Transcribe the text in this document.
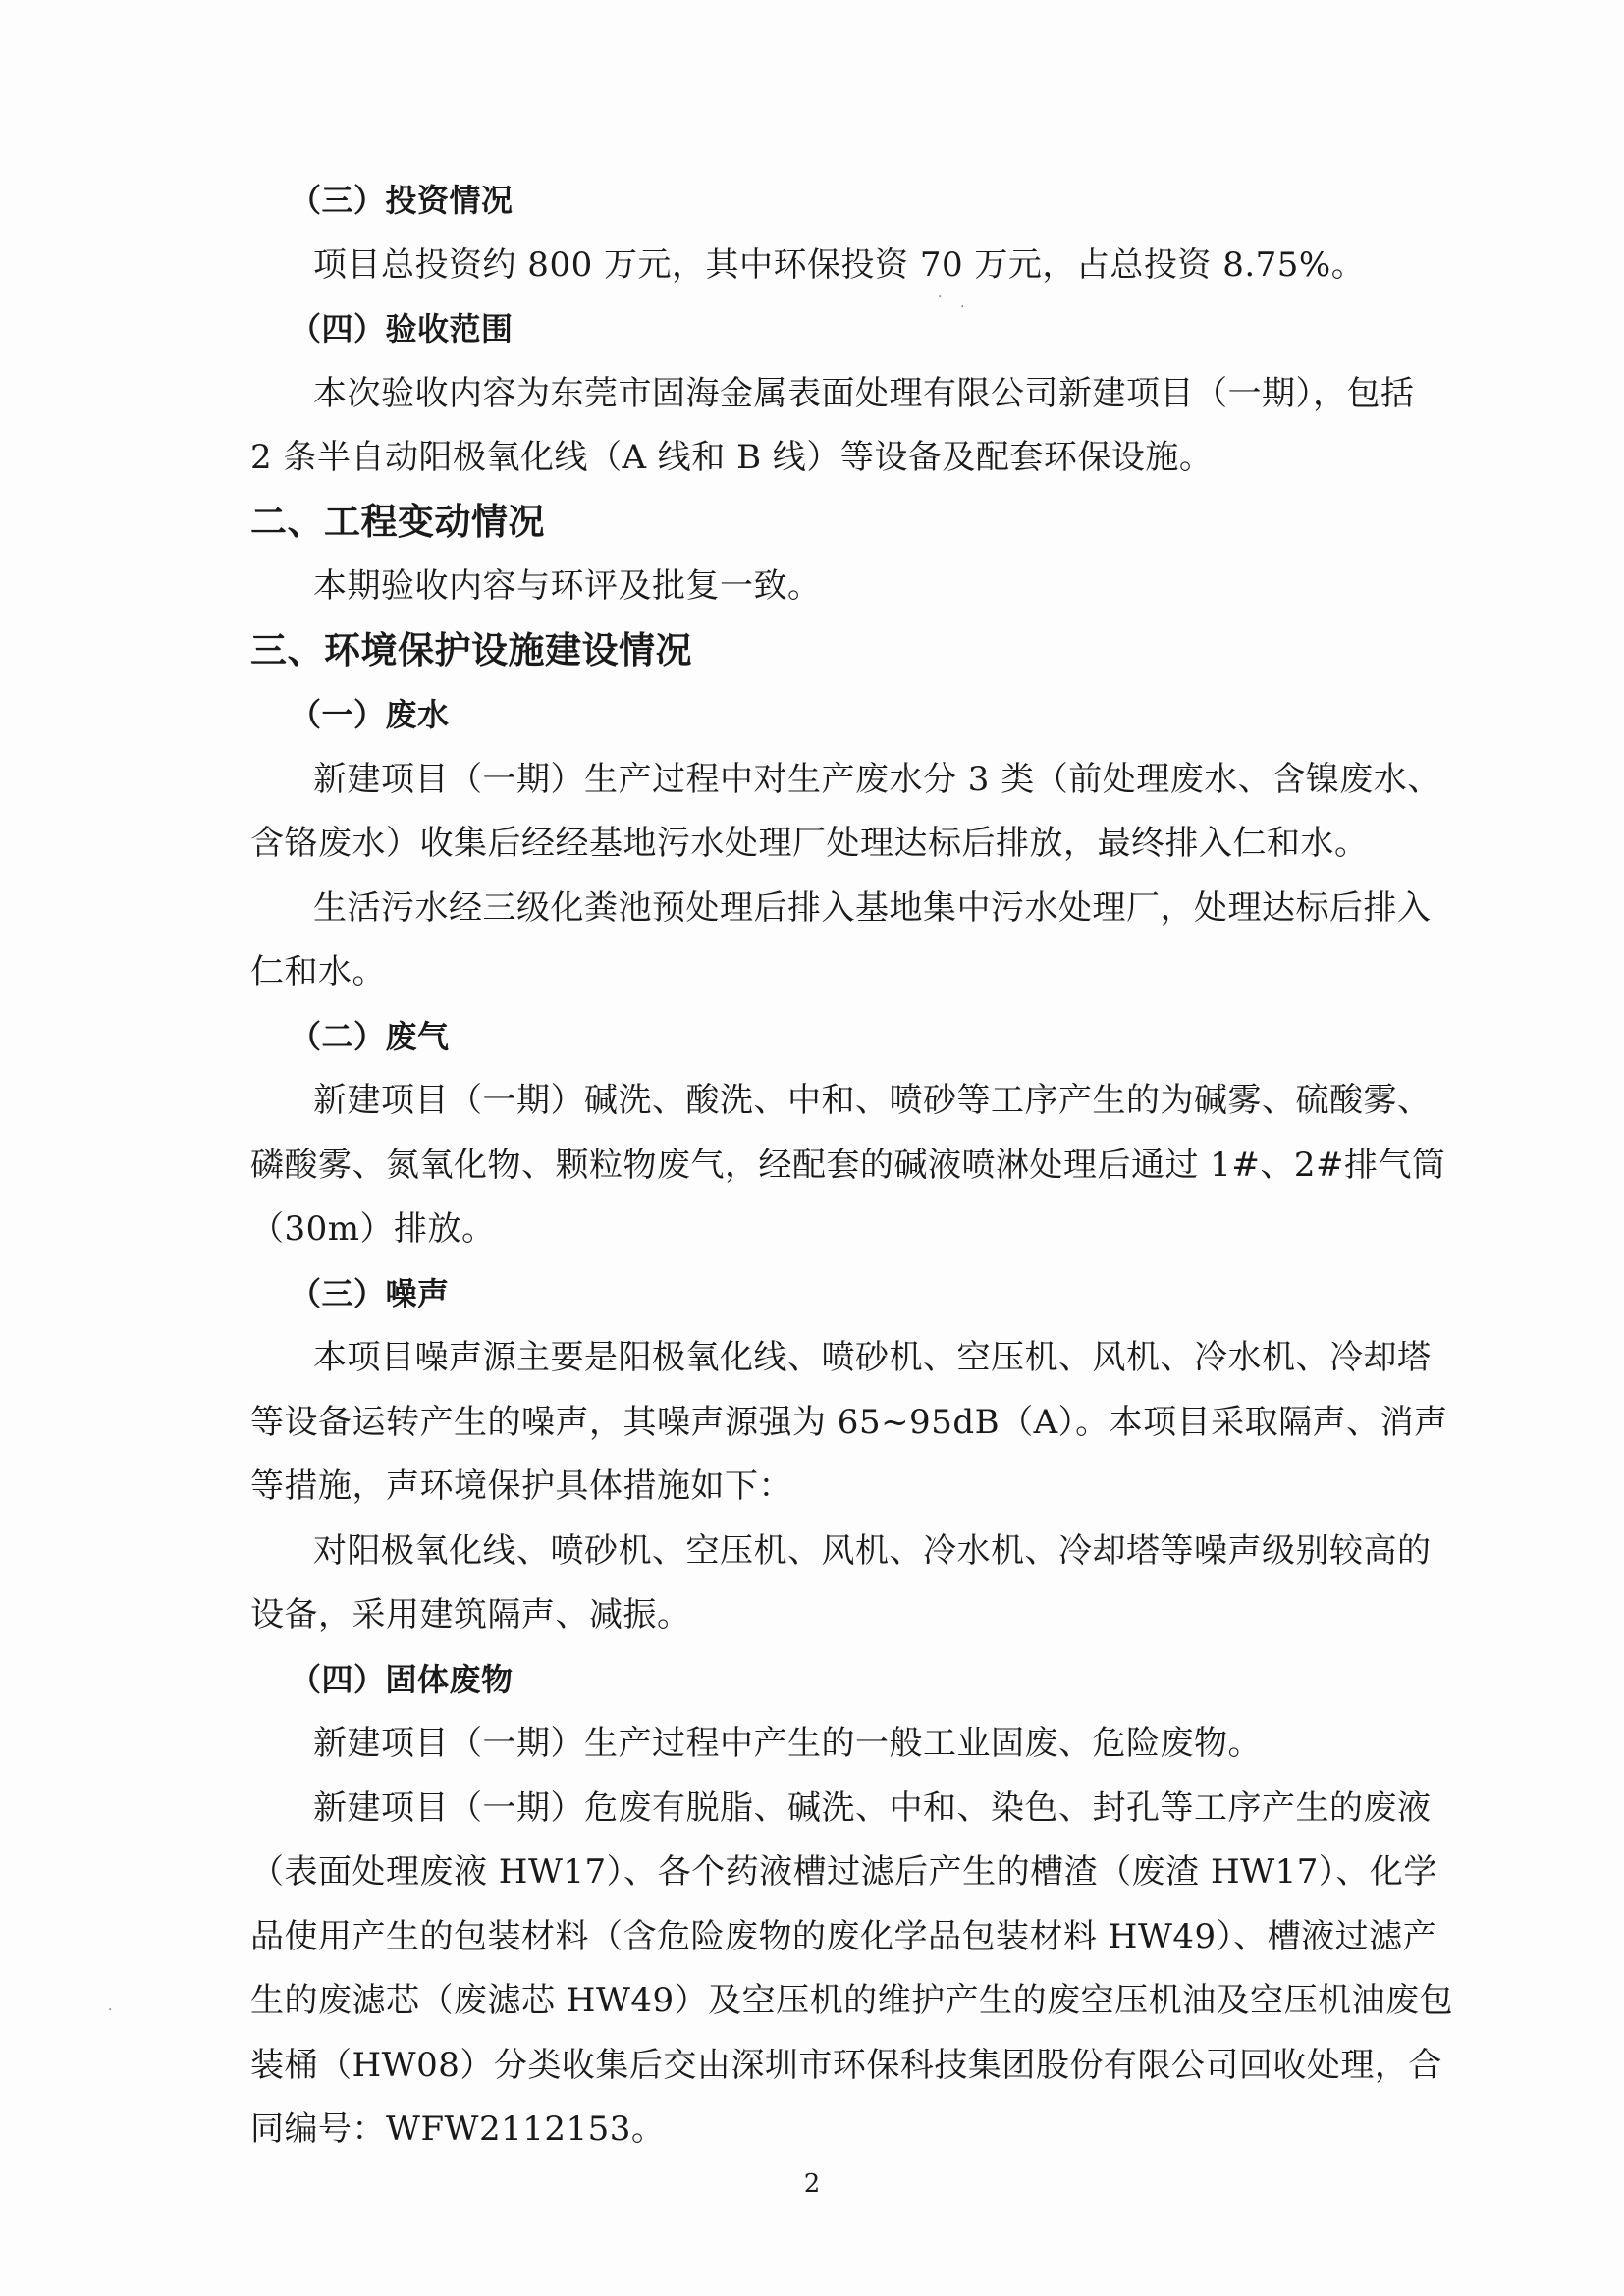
（三）投资情况

项目总投资约 800 万元，其中环保投资 70 万元，占总投资 8.75%。

（四）验收范围

本次验收内容为东莞市固海金属表面处理有限公司新建项目（一期），包括

2 条半自动阳极氧化线（A 线和 B 线）等设备及配套环保设施。

二、工程变动情况

本期验收内容与环评及批复一致。

三、环境保护设施建设情况

（一）废水

新建项目（一期）生产过程中对生产废水分 3 类（前处理废水、含镍废水、

含铬废水）收集后经经基地污水处理厂处理达标后排放，最终排入仁和水。

生活污水经三级化粪池预处理后排入基地集中污水处理厂，处理达标后排入

仁和水。

（二）废气

新建项目（一期）碱洗、酸洗、中和、喷砂等工序产生的为碱雾、硫酸雾、

磷酸雾、氮氧化物、颗粒物废气，经配套的碱液喷淋处理后通过 1#、2#排气筒

（30m）排放。

（三）噪声

本项目噪声源主要是阳极氧化线、喷砂机、空压机、风机、冷水机、冷却塔

等设备运转产生的噪声，其噪声源强为 65~95dB（A）。本项目采取隔声、消声

等措施，声环境保护具体措施如下：

对阳极氧化线、喷砂机、空压机、风机、冷水机、冷却塔等噪声级别较高的

设备，采用建筑隔声、减振。

（四）固体废物

新建项目（一期）生产过程中产生的一般工业固废、危险废物。

新建项目（一期）危废有脱脂、碱洗、中和、染色、封孔等工序产生的废液

（表面处理废液 HW17）、各个药液槽过滤后产生的槽渣（废渣 HW17）、化学

品使用产生的包装材料（含危险废物的废化学品包装材料 HW49）、槽液过滤产

生的废滤芯（废滤芯 HW49）及空压机的维护产生的废空压机油及空压机油废包

装桶（HW08）分类收集后交由深圳市环保科技集团股份有限公司回收处理，合

同编号：WFW2112153。

2
·
·
·
